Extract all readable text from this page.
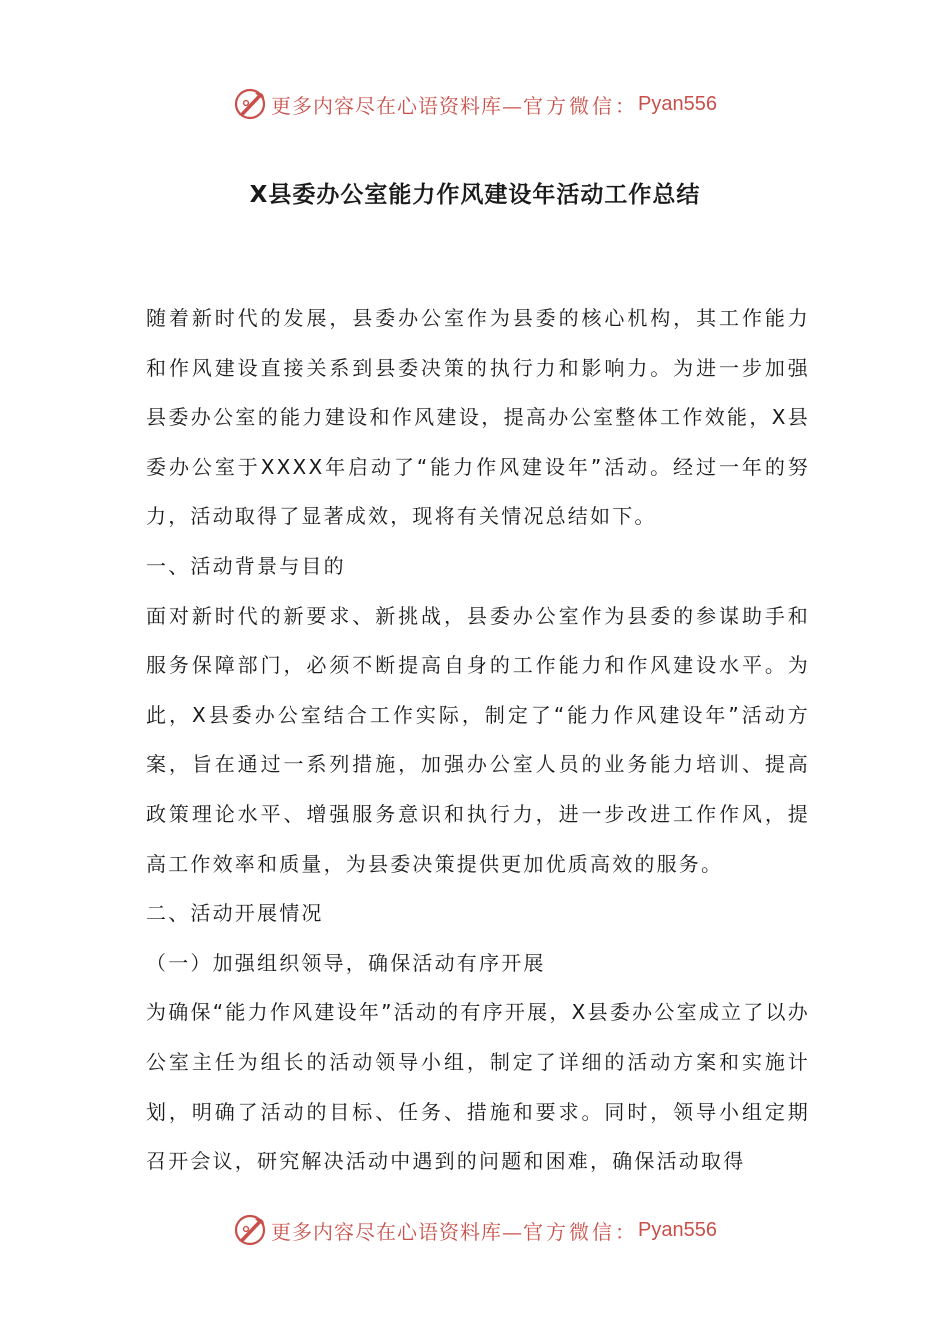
更多内容尽在心语资料库— 官方微信： Pyan556
X县委办公室能力作风建设年活动工作总结

随着新时代的发展，县委办公室作为县委的核心机构，其工作能力和作风建设直接关系到县委决策的执行力和影响力。为进一步加强县委办公室的能力建设和作风建设，提高办公室整体工作效能，X县委办公室于XXXX年启动了“能力作风建设年”活动。经过一年的努力，活动取得了显著成效，现将有关情况总结如下。

一、活动背景与目的

面对新时代的新要求、新挑战，县委办公室作为县委的参谋助手和服务保障部门，必须不断提高自身的工作能力和作风建设水平。为此，X县委办公室结合工作实际，制定了“能力作风建设年”活动方案，旨在通过一系列措施，加强办公室人员的业务能力培训、提高政策理论水平、增强服务意识和执行力，进一步改进工作作风，提高工作效率和质量，为县委决策提供更加优质高效的服务。

二、活动开展情况

（一）加强组织领导，确保活动有序开展

为确保“能力作风建设年”活动的有序开展，X县委办公室成立了以办公室主任为组长的活动领导小组，制定了详细的活动方案和实施计划，明确了活动的目标、任务、措施和要求。同时，领导小组定期召开会议，研究解决活动中遇到的问题和困难，确保活动取得

更多内容尽在心语资料库— 官方微信： Pyan556
